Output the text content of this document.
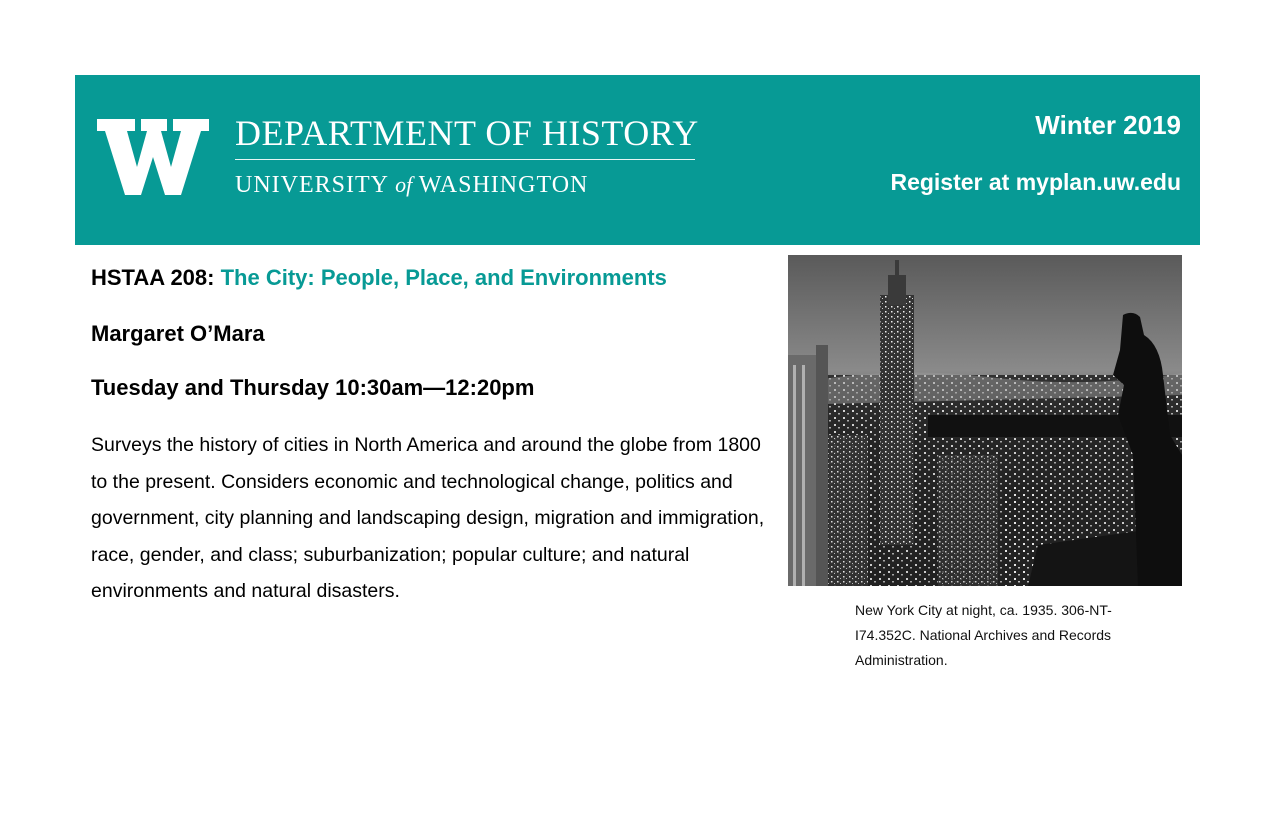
W	DEPARTMENT OF HISTORY
UNIVERSITY of WASHINGTON
Winter 2019
Register at myplan.uw.edu
HSTAA 208: The City: People, Place, and Environments
Margaret O’Mara
Tuesday and Thursday 10:30am—12:20pm
Surveys the history of cities in North America and around the globe from 1800 to the present. Considers economic and technological change, politics and government, city planning and landscaping design, migration and immigration, race, gender, and class; suburbanization; popular culture; and natural environments and natural disasters.
New York City at night, ca. 1935. 306-NT-I74.352C. National Archives and Records Administration.
